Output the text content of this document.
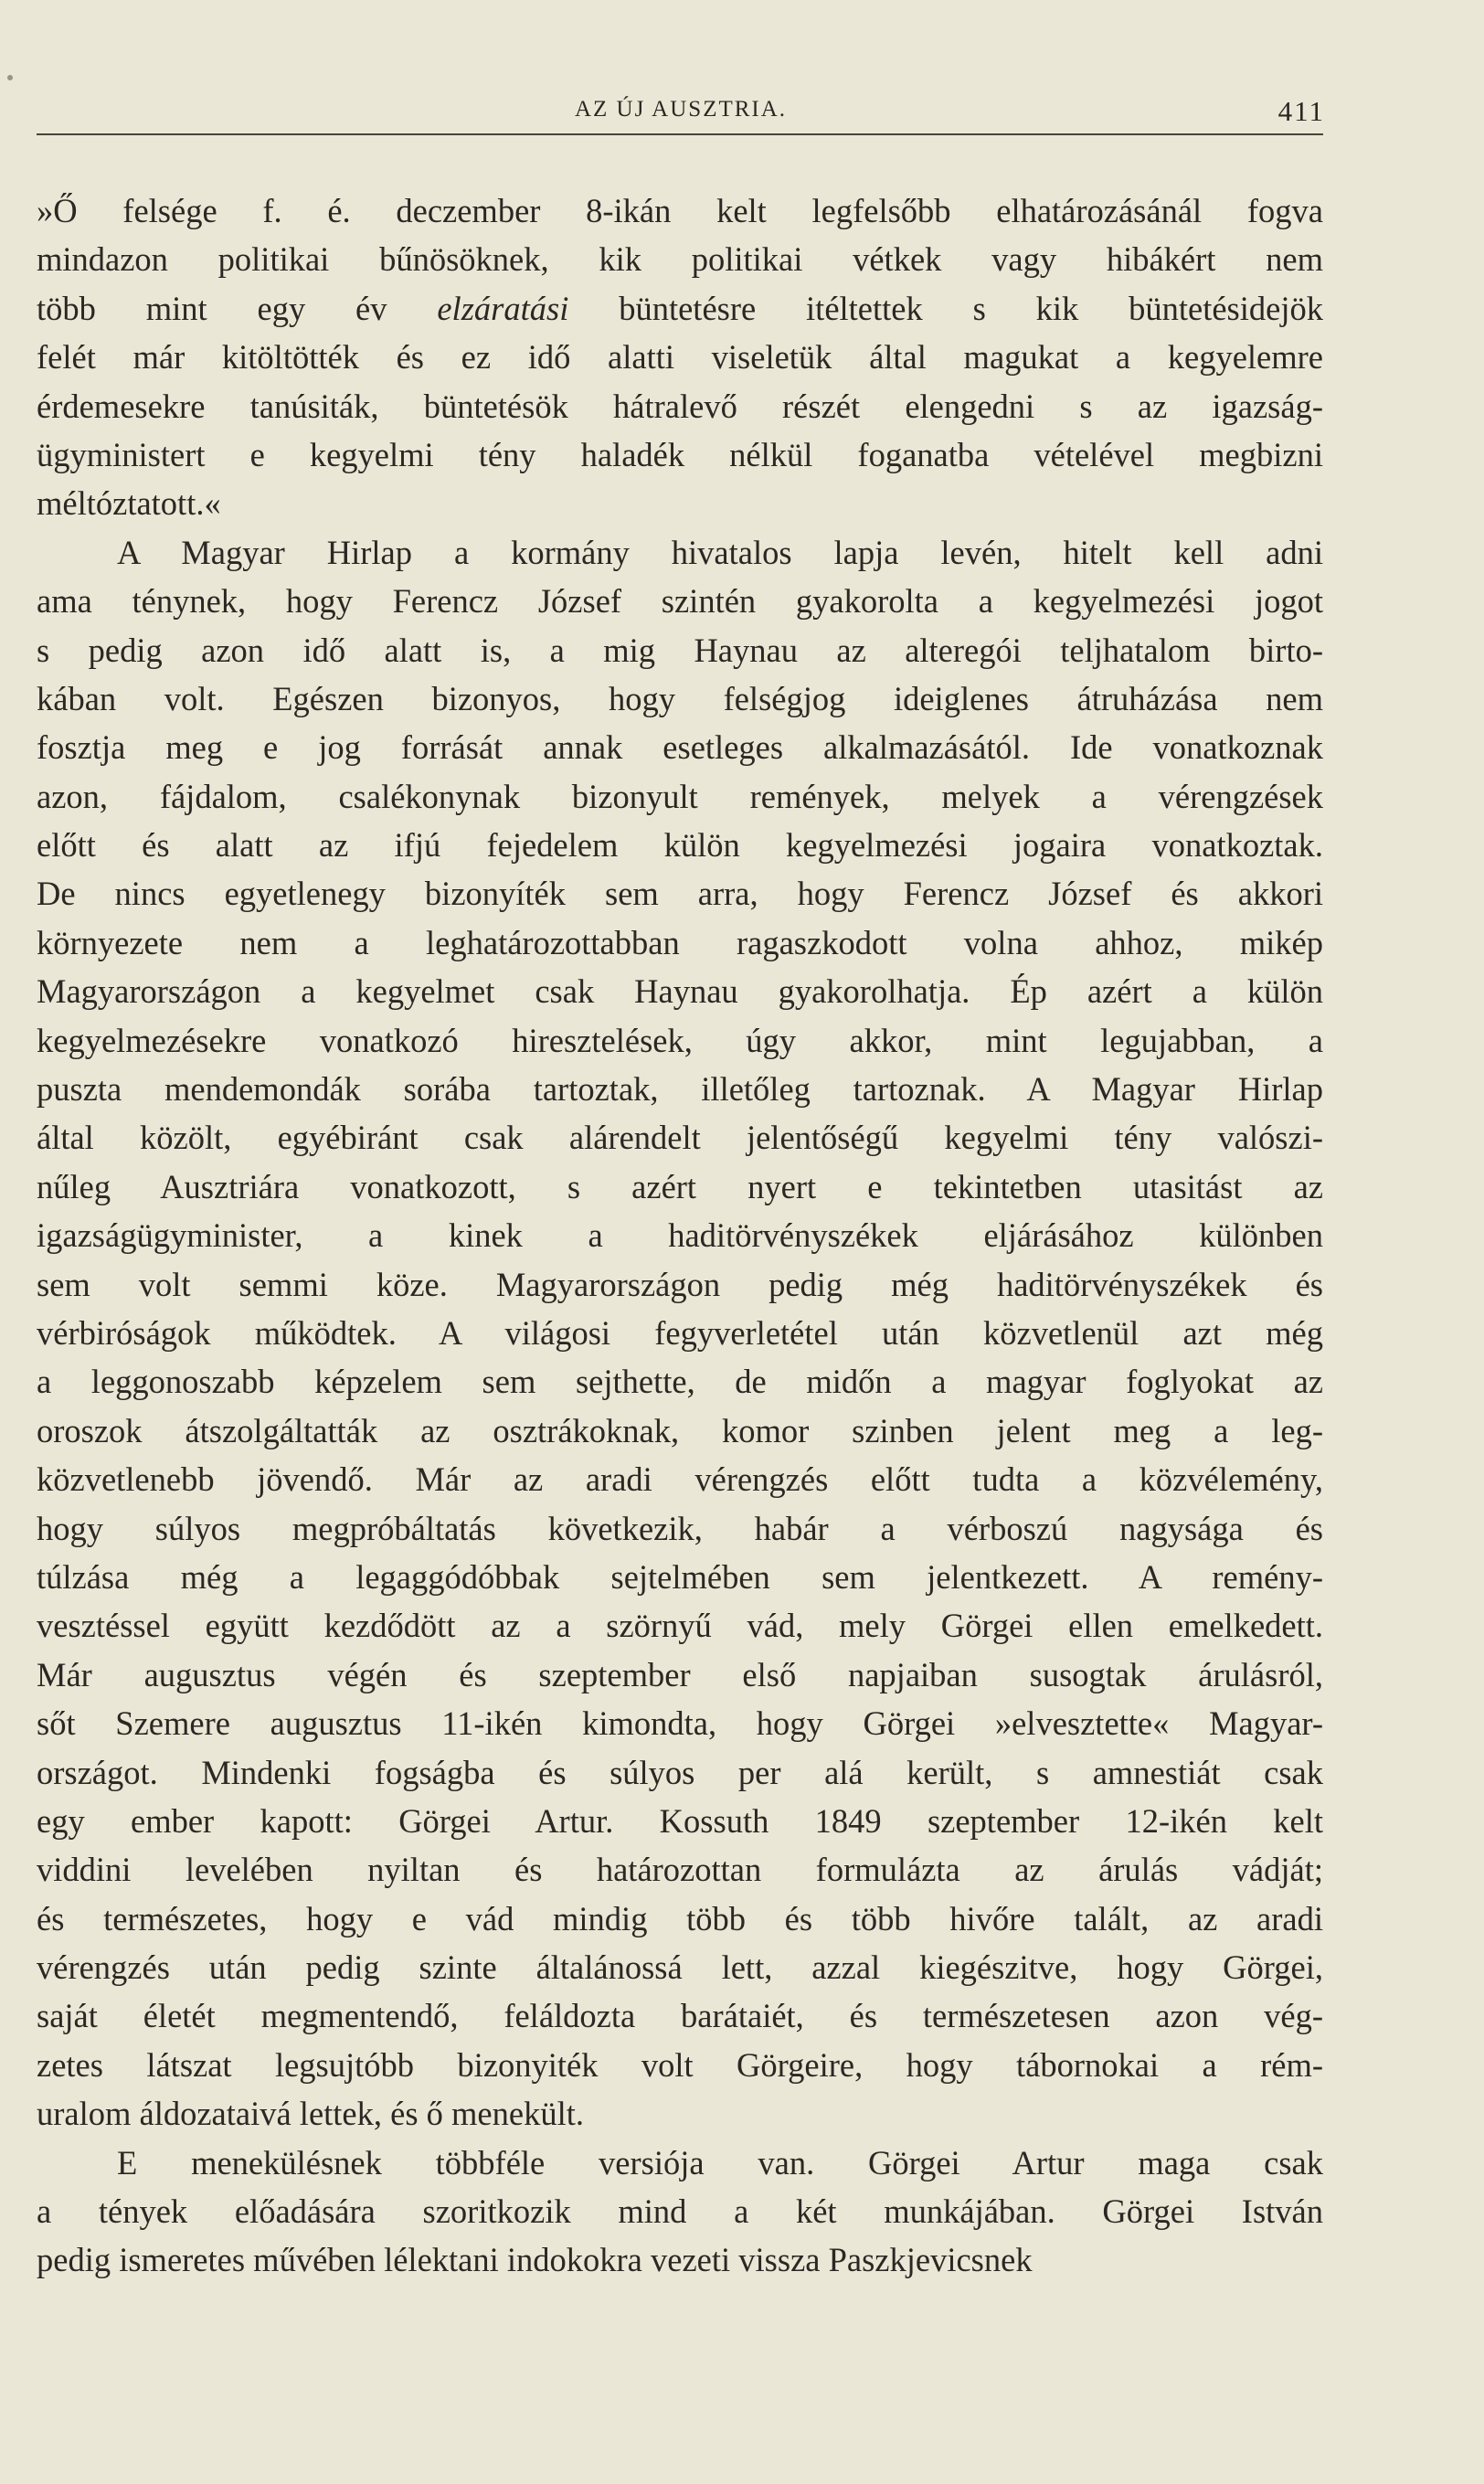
AZ ÚJ AUSZTRIA.	411
»Ő felsége f. é. deczember 8-ikán kelt legfelsőbb elhatározásánál fogva
mindazon politikai bűnösöknek, kik politikai vétkek vagy hibákért nem
több mint egy év elzáratási büntetésre itéltettek s kik büntetésidejök
felét már kitöltötték és ez idő alatti viseletük által magukat a kegyelemre
érdemesekre tanúsiták, büntetésök hátralevő részét elengedni s az igazság-
ügyministert e kegyelmi tény haladék nélkül foganatba vételével megbizni
méltóztatott.«
A Magyar Hirlap a kormány hivatalos lapja levén, hitelt kell adni
ama ténynek, hogy Ferencz József szintén gyakorolta a kegyelmezési jogot
s pedig azon idő alatt is, a mig Haynau az alteregói teljhatalom birto-
kában volt. Egészen bizonyos, hogy felségjog ideiglenes átruházása nem
fosztja meg e jog forrását annak esetleges alkalmazásától. Ide vonatkoznak
azon, fájdalom, csalékonynak bizonyult remények, melyek a vérengzések
előtt és alatt az ifjú fejedelem külön kegyelmezési jogaira vonatkoztak.
De nincs egyetlenegy bizonyíték sem arra, hogy Ferencz József és akkori
környezete nem a leghatározottabban ragaszkodott volna ahhoz, mikép
Magyarországon a kegyelmet csak Haynau gyakorolhatja. Ép azért a külön
kegyelmezésekre vonatkozó hiresztelések, úgy akkor, mint legujabban, a
puszta mendemondák sorába tartoztak, illetőleg tartoznak. A Magyar Hirlap
által közölt, egyébiránt csak alárendelt jelentőségű kegyelmi tény valószi-
nűleg Ausztriára vonatkozott, s azért nyert e tekintetben utasitást az
igazságügyminister, a kinek a haditörvényszékek eljárásához különben
sem volt semmi köze. Magyarországon pedig még haditörvényszékek és
vérbiróságok működtek. A világosi fegyverletétel után közvetlenül azt még
a leggonoszabb képzelem sem sejthette, de midőn a magyar foglyokat az
oroszok átszolgáltatták az osztrákoknak, komor szinben jelent meg a leg-
közvetlenebb jövendő. Már az aradi vérengzés előtt tudta a közvélemény,
hogy súlyos megpróbáltatás következik, habár a vérboszú nagysága és
túlzása még a legaggódóbbak sejtelmében sem jelentkezett. A remény-
vesztéssel együtt kezdődött az a szörnyű vád, mely Görgei ellen emelkedett.
Már augusztus végén és szeptember első napjaiban susogtak árulásról,
sőt Szemere augusztus 11-ikén kimondta, hogy Görgei »elvesztette« Magyar-
országot. Mindenki fogságba és súlyos per alá került, s amnestiát csak
egy ember kapott: Görgei Artur. Kossuth 1849 szeptember 12-ikén kelt
viddini levelében nyiltan és határozottan formulázta az árulás vádját;
és természetes, hogy e vád mindig több és több hivőre talált, az aradi
vérengzés után pedig szinte általánossá lett, azzal kiegészitve, hogy Görgei,
saját életét megmentendő, feláldozta barátaiét, és természetesen azon vég-
zetes látszat legsujtóbb bizonyiték volt Görgeire, hogy tábornokai a rém-
uralom áldozataivá lettek, és ő menekült.
E menekülésnek többféle versiója van. Görgei Artur maga csak
a tények előadására szoritkozik mind a két munkájában. Görgei István
pedig ismeretes művében lélektani indokokra vezeti vissza Paszkjevicsnek
